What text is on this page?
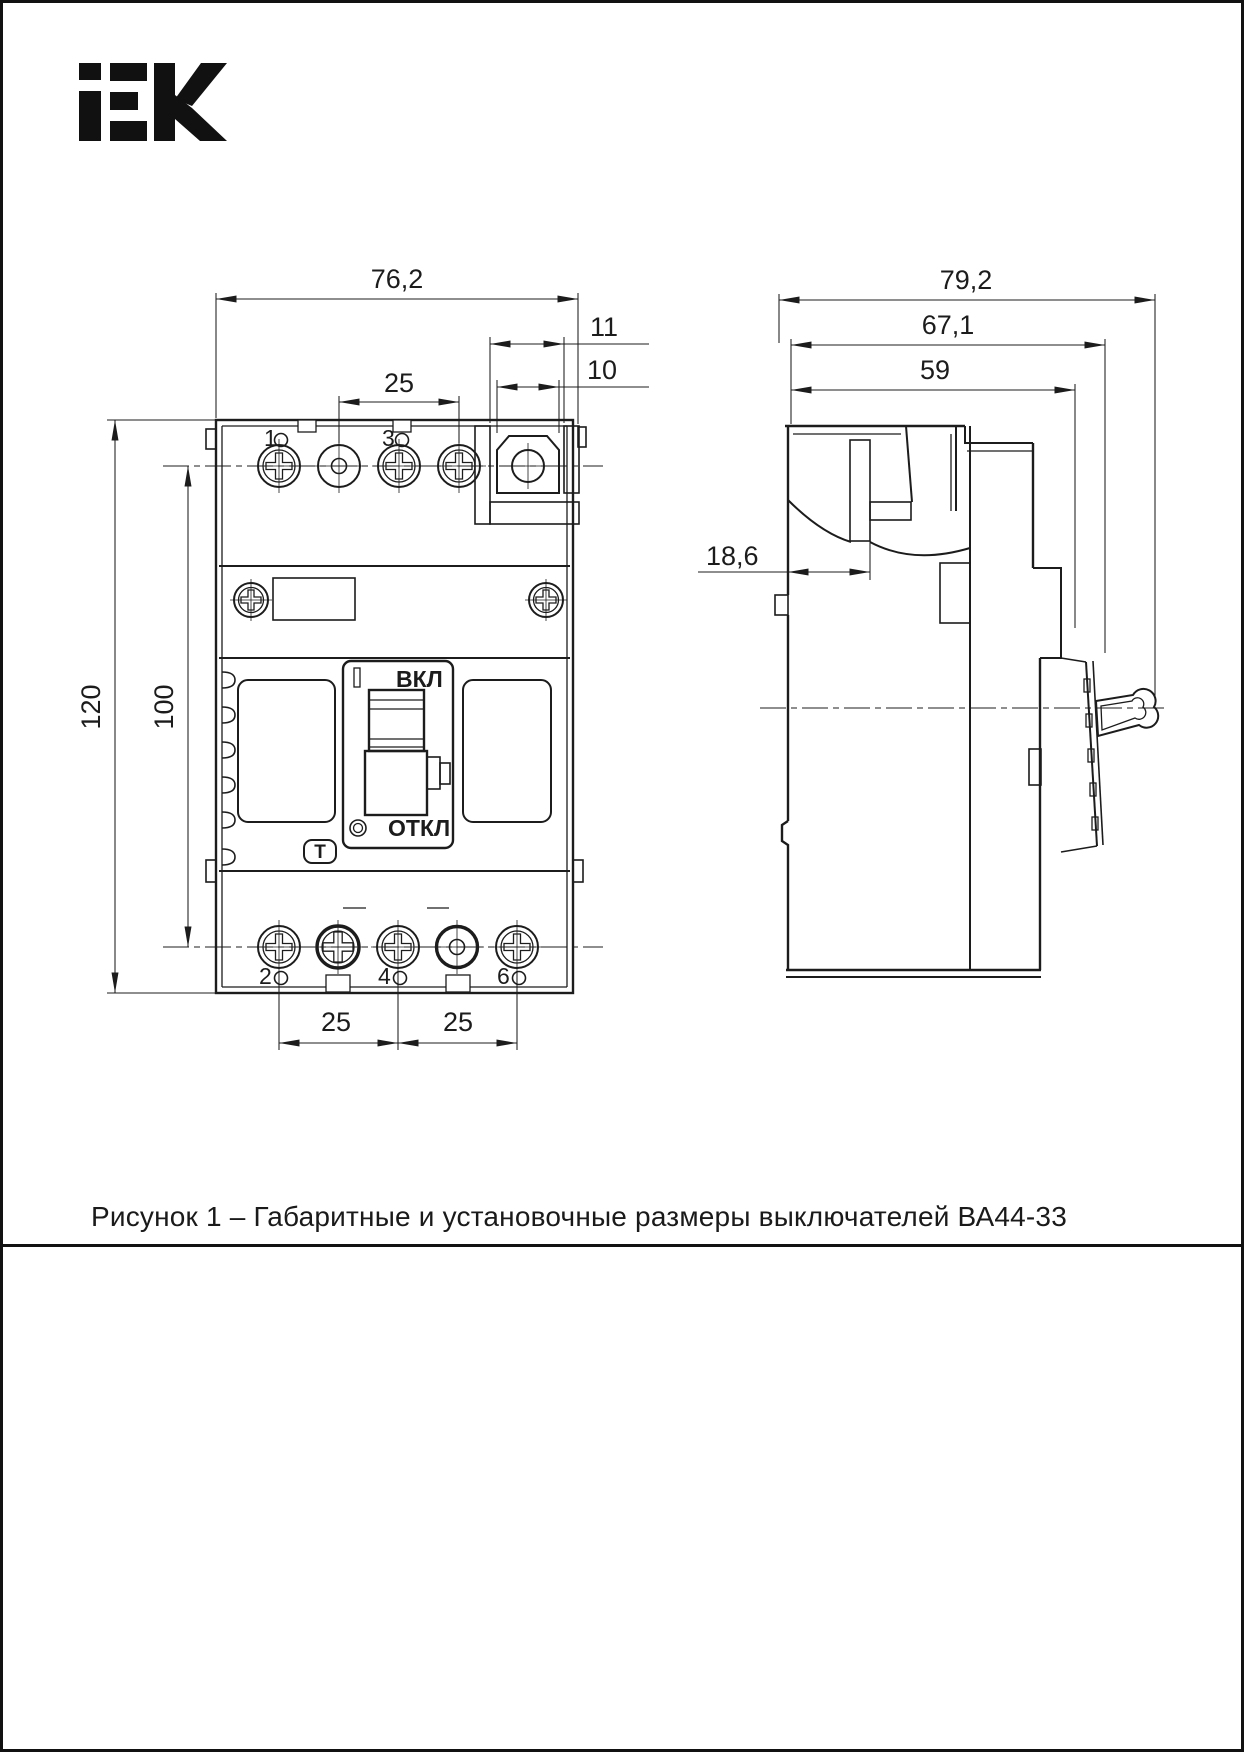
1	3
ВКЛ
ОТКЛ
Т
2	4	6
76,2
25
11
10
120 100
25	25
79,2
67,1
59
18,6
Рисунок 1 – Габаритные и установочные размеры выключателей ВА44-33
